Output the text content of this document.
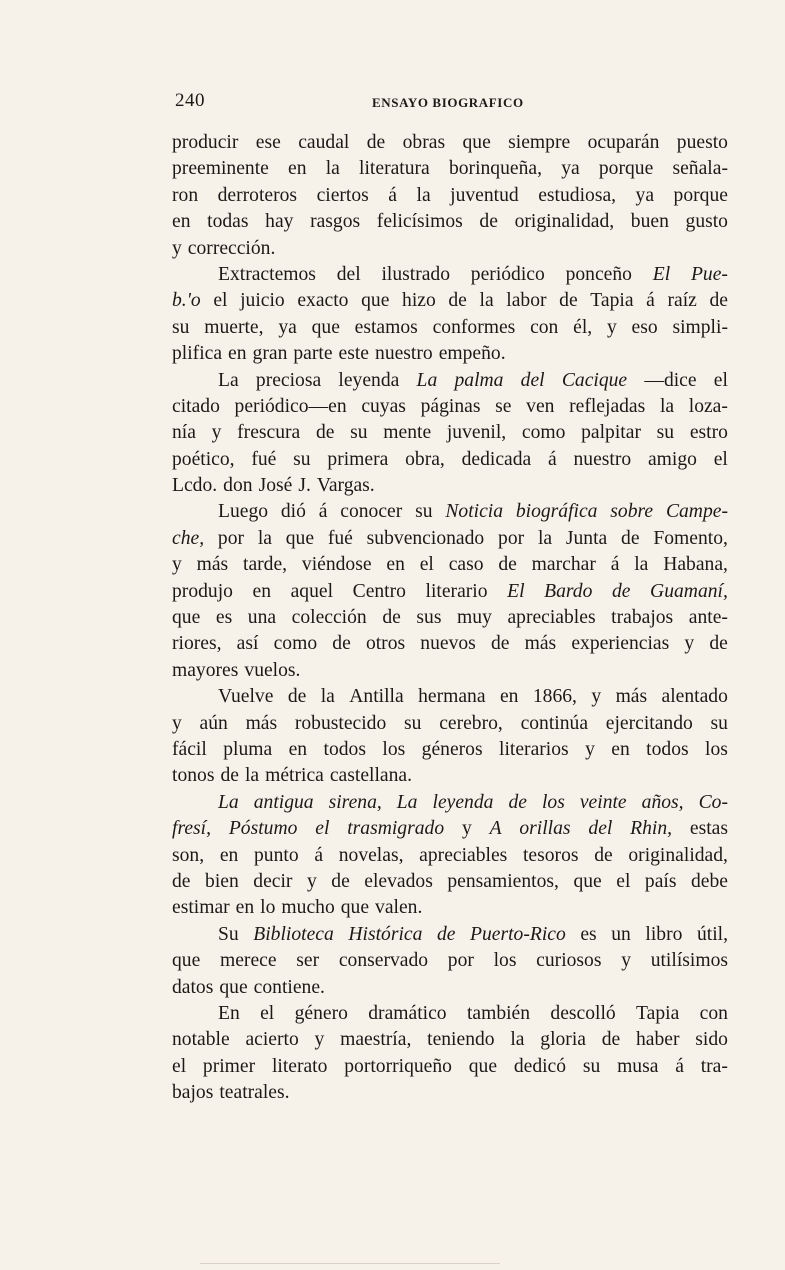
240	ENSAYO BIOGRAFICO
producir ese caudal de obras que siempre ocuparán puesto
preeminente en la literatura borinqueña, ya porque señala-
ron derroteros ciertos á la juventud estudiosa, ya porque
en todas hay rasgos felicísimos de originalidad, buen gusto
y corrección.
Extractemos del ilustrado periódico ponceño El Pue-
b.'o el juicio exacto que hizo de la labor de Tapia á raíz de
su muerte, ya que estamos conformes con él, y eso simpli-
plifica en gran parte este nuestro empeño.
La preciosa leyenda La palma del Cacique —dice el
citado periódico—en cuyas páginas se ven reflejadas la loza-
nía y frescura de su mente juvenil, como palpitar su estro
poético, fué su primera obra, dedicada á nuestro amigo el
Lcdo. don José J. Vargas.
Luego dió á conocer su Noticia biográfica sobre Campe-
che, por la que fué subvencionado por la Junta de Fomento,
y más tarde, viéndose en el caso de marchar á la Habana,
produjo en aquel Centro literario El Bardo de Guamaní,
que es una colección de sus muy apreciables trabajos ante-
riores, así como de otros nuevos de más experiencias y de
mayores vuelos.
Vuelve de la Antilla hermana en 1866, y más alentado
y aún más robustecido su cerebro, continúa ejercitando su
fácil pluma en todos los géneros literarios y en todos los
tonos de la métrica castellana.
La antigua sirena, La leyenda de los veinte años, Co-
fresí, Póstumo el trasmigrado y A orillas del Rhin, estas
son, en punto á novelas, apreciables tesoros de originalidad,
de bien decir y de elevados pensamientos, que el país debe
estimar en lo mucho que valen.
Su Biblioteca Histórica de Puerto-Rico es un libro útil,
que merece ser conservado por los curiosos y utilísimos
datos que contiene.
En el género dramático también descolló Tapia con
notable acierto y maestría, teniendo la gloria de haber sido
el primer literato portorriqueño que dedicó su musa á tra-
bajos teatrales.
